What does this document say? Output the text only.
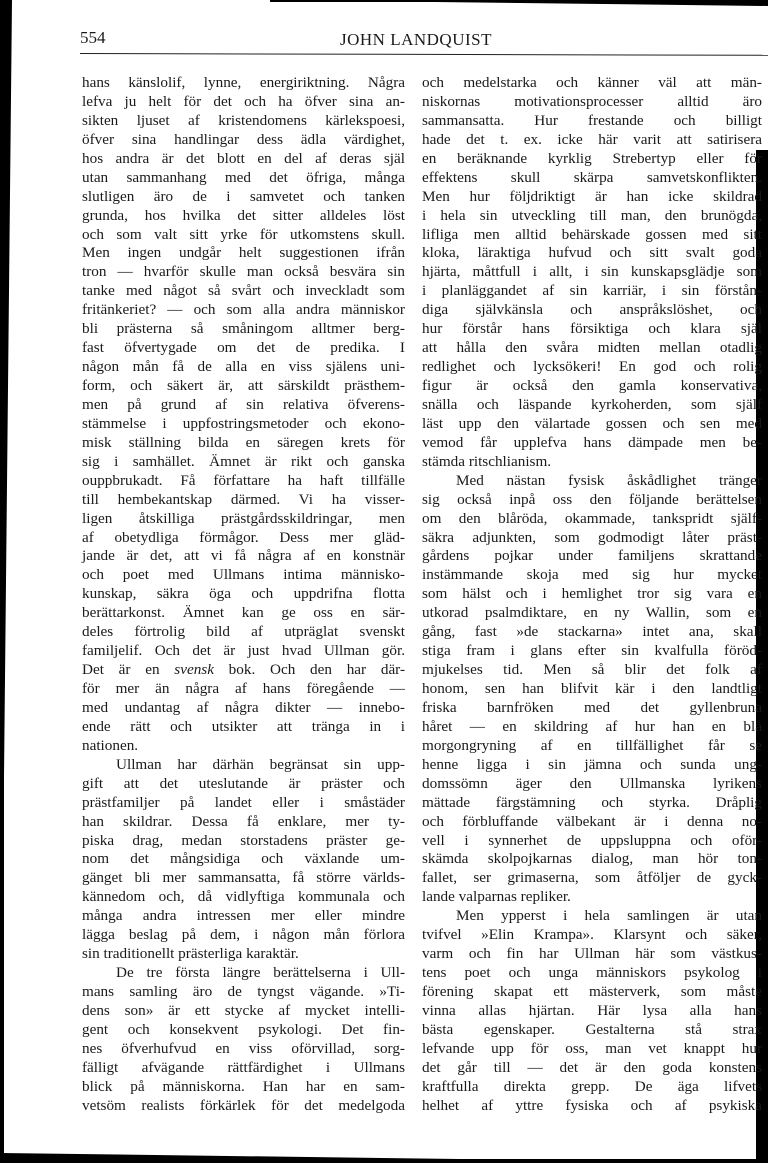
554	JOHN LANDQUIST
hans känslolif, lynne, energiriktning. Några
lefva ju helt för det och ha öfver sina an-
sikten ljuset af kristendomens kärlekspoesi,
öfver sina handlingar dess ädla värdighet,
hos andra är det blott en del af deras själ
utan sammanhang med det öfriga, många
slutligen äro de i samvetet och tanken
grunda, hos hvilka det sitter alldeles löst
och som valt sitt yrke för utkomstens skull.
Men ingen undgår helt suggestionen ifrån
tron — hvarför skulle man också besvära sin
tanke med något så svårt och inveckladt som
fritänkeriet? — och som alla andra människor
bli prästerna så småningom alltmer berg-
fast öfvertygade om det de predika. I
någon mån få de alla en viss själens uni-
form, och säkert är, att särskildt prästhem-
men på grund af sin relativa öfverens-
stämmelse i uppfostringsmetoder och ekono-
misk ställning bilda en säregen krets för
sig i samhället. Ämnet är rikt och ganska
ouppbrukadt. Få författare ha haft tillfälle
till hembekantskap därmed. Vi ha visser-
ligen åtskilliga prästgårdsskildringar, men
af obetydliga förmågor. Dess mer gläd-
jande är det, att vi få några af en konstnär
och poet med Ullmans intima människo-
kunskap, säkra öga och uppdrifna flotta
berättarkonst. Ämnet kan ge oss en sär-
deles förtrolig bild af utpräglat svenskt
familjelif. Och det är just hvad Ullman gör.
Det är en svensk bok. Och den har där-
för mer än några af hans föregående —
med undantag af några dikter — innebo-
ende rätt och utsikter att tränga in i
nationen.
Ullman har därhän begränsat sin upp-
gift att det uteslutande är präster och
prästfamiljer på landet eller i småstäder
han skildrar. Dessa få enklare, mer ty-
piska drag, medan storstadens präster ge-
nom det mångsidiga och växlande um-
gänget bli mer sammansatta, få större världs-
kännedom och, då vidlyftiga kommunala och
många andra intressen mer eller mindre
lägga beslag på dem, i någon mån förlora
sin traditionellt prästerliga karaktär.
De tre första längre berättelserna i Ull-
mans samling äro de tyngst vägande. »Ti-
dens son» är ett stycke af mycket intelli-
gent och konsekvent psykologi. Det fin-
nes öfverhufvud en viss oförvillad, sorg-
fälligt afvägande rättfärdighet i Ullmans
blick på människorna. Han har en sam-
vetsöm realists förkärlek för det medelgoda
och medelstarka och känner väl att män-
niskornas motivationsprocesser alltid äro
sammansatta. Hur frestande och billigt
hade det t. ex. icke här varit att satirisera
en beräknande kyrklig Strebertyp eller för
effektens skull skärpa samvetskonflikten.
Men hur följdriktigt är han icke skildrad
i hela sin utveckling till man, den brunögda,
lifliga men alltid behärskade gossen med sitt
kloka, läraktiga hufvud och sitt svalt goda
hjärta, måttfull i allt, i sin kunskapsglädje som
i planläggandet af sin karriär, i sin förstån-
diga självkänsla och anspråkslöshet, och
hur förstår hans försiktiga och klara själ
att hålla den svåra midten mellan otadlig
redlighet och lycksökeri! En god och rolig
figur är också den gamla konservativa,
snälla och läspande kyrkoherden, som själf
läst upp den välartade gossen och sen med
vemod får upplefva hans dämpade men be-
stämda ritschlianism.
Med nästan fysisk åskådlighet tränger
sig också inpå oss den följande berättelsen
om den blåröda, okammade, tankspridt själf-
säkra adjunkten, som godmodigt låter präst-
gårdens pojkar under familjens skrattande
instämmande skoja med sig hur mycket
som hälst och i hemlighet tror sig vara en
utkorad psalmdiktare, en ny Wallin, som en
gång, fast »de stackarna» intet ana, skall
stiga fram i glans efter sin kvalfulla föröd-
mjukelses tid. Men så blir det folk af
honom, sen han blifvit kär i den landtligt
friska barnfröken med det gyllenbruna
håret — en skildring af hur han en blå
morgongryning af en tillfällighet får se
henne ligga i sin jämna och sunda ung-
domssömn äger den Ullmanska lyrikens
mättade färgstämning och styrka. Dråplig
och förbluffande välbekant är i denna no-
vell i synnerhet de uppsluppna och oför-
skämda skolpojkarnas dialog, man hör ton-
fallet, ser grimaserna, som åtföljer de gyck-
lande valparnas repliker.
Men ypperst i hela samlingen är utan
tvifvel »Elin Krampa». Klarsynt och säker,
varm och fin har Ullman här som västkus-
tens poet och unga människors psykolog i
förening skapat ett mästerverk, som måste
vinna allas hjärtan. Här lysa alla hans
bästa egenskaper. Gestalterna stå strax
lefvande upp för oss, man vet knappt hur
det går till — det är den goda konstens
kraftfulla direkta grepp. De äga lifvets
helhet af yttre fysiska och af psykiska
